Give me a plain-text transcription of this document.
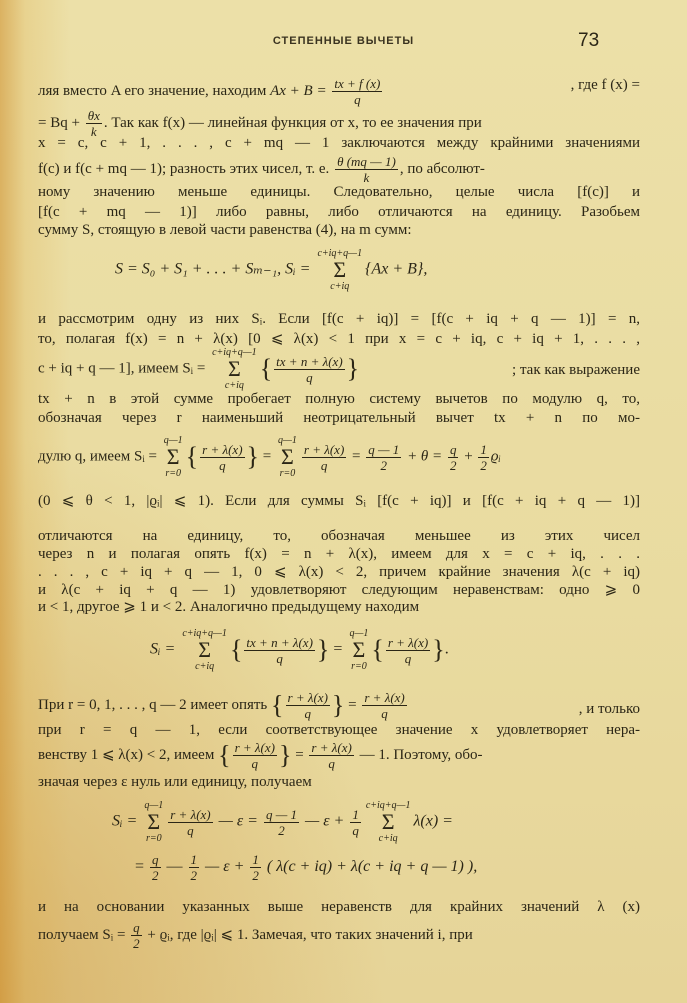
СТЕПЕННЫЕ ВЫЧЕТЫ	73
ляя вместо A его значение, находим $Ax + B = \frac{tx + f (x)}{q}$	, где f (x) =
= $Bq + \frac{\theta x}{k}$ . Так как f(x) — линейная функция от x, то ее значения при
x = c, c + 1, . . . , c + mq — 1 заключаются между крайними значениями
f(c) и f(c + mq — 1); разность этих чисел, т. е. $\frac{\theta (mq — 1)}{k}$ , по абсолют-
ному значению меньше единицы. Следовательно, целые числа [f(c)] и
[f(c + mq — 1)] либо равны, либо отличаются на единицу. Разобьем
сумму S, стоящую в левой части равенства (4), на m сумм:
S = S₀ + S₁ + . . . + Sₘ₋₁, Sᵢ =
c+iq+q—1
Σ
c+iq
{Ax + B},
и рассмотрим одну из них Sᵢ. Если [f(c + iq)] = [f(c + iq + q — 1)] = n,
то, полагая f(x) = n + λ(x) [0 ⩽ λ(x) < 1 при x = c + iq, c + iq + 1, . . . ,
c + iq + q — 1], имеем Sᵢ =
c+iq+q—1
Σ
c+iq
{ $\frac{tx + n + \lambda(x)}{q}$ }	; так как выражение
tx + n в этой сумме пробегает полную систему вычетов по модулю q, то,
обозначая через r наименьший неотрицательный вычет tx + n по мо-
дулю q, имеем Sᵢ =
q—1
Σ
r=0
{ $\frac{r + \lambda(x)}{q}$ } =
q—1
Σ
r=0
$\frac{r + \lambda(x)}{q} = \frac{q — 1}{2} + \theta = \frac{q}{2} + \frac{1}{2}$ ϱᵢ
(0 ⩽ θ < 1, |ϱᵢ| ⩽ 1). Если для суммы Sᵢ [f(c + iq)] и [f(c + iq + q — 1)]
отличаются на единицу, то, обозначая меньшее из этих чисел
через n и полагая опять f(x) = n + λ(x), имеем для x = c + iq, . . .
. . . , c + iq + q — 1, 0 ⩽ λ(x) < 2, причем крайние значения λ(c + iq)
и λ(c + iq + q — 1) удовлетворяют следующим неравенствам: одно ⩾ 0
и < 1, другое ⩾ 1 и < 2. Аналогично предыдущему находим
Sᵢ =
c+iq+q—1
Σ
c+iq
{ $\frac{tx + n + \lambda(x)}{q}$ } =
q—1
Σ
r=0
{ $\frac{r + \lambda(x)}{q}$ }.
При r = 0, 1, . . . , q — 2 имеет опять { $\frac{r + \lambda(x)}{q}$ } = $\frac{r + \lambda(x)}{q}$	, и только
при r = q — 1, если соответствующее значение x удовлетворяет нера-
венству 1 ⩽ λ(x) < 2, имеем { $\frac{r + \lambda(x)}{q}$ } = $\frac{r + \lambda(x)}{q}$ — 1. Поэтому, обо-
значая через ε нуль или единицу, получаем
Sᵢ =
q—1
Σ
r=0
$\frac{r + \lambda(x)}{q}$ — $\varepsilon = \frac{q — 1}{2}$ — $\varepsilon + \frac{1}{q}$
c+iq+q—1
Σ
c+iq
λ(x) =
= $\frac{q}{2}$ — $\frac{1}{2}$ — $\varepsilon + \frac{1}{2}$ ( λ(c + iq) + λ(c + iq + q — 1) ),
и на основании указанных выше неравенств для крайних значений λ (x)
получаем Sᵢ = $\frac{q}{2}$ + ϱᵢ, где |ϱᵢ| ⩽ 1. Замечая, что таких значений i, при
